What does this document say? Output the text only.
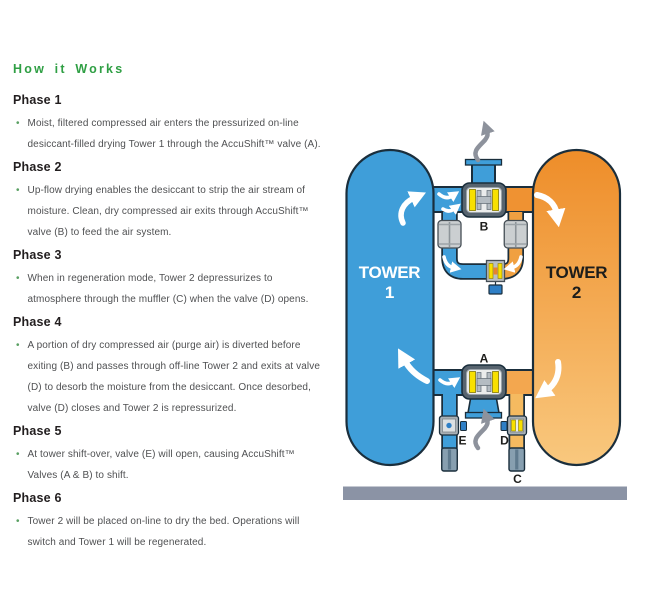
How it Works
Phase 1
• Moist, filtered compressed air enters the pressurized on-line desiccant-filled drying Tower 1 through the AccuShift™ valve (A).

Phase 2
• Up-flow drying enables the desiccant to strip the air stream of moisture. Clean, dry compressed air exits through AccuShift™ valve (B) to feed the air system.

Phase 3
• When in regeneration mode, Tower 2 depressurizes to atmosphere through the muffler (C) when the valve (D) opens.

Phase 4
• A portion of dry compressed air (purge air) is diverted before exiting (B) and passes through off-line Tower 2 and exits at valve (D) to desorb the moisture from the desiccant. Once desorbed, valve (D) closes and Tower 2 is repressurized.

Phase 5
• At tower shift-over, valve (E) will open, causing AccuShift™ Valves (A & B) to shift.

Phase 6
• Tower 2 will be placed on-line to dry the bed. Operations will switch and Tower 1 will be regenerated.

A
B
C
D
E
TOWER
1
TOWER
2
